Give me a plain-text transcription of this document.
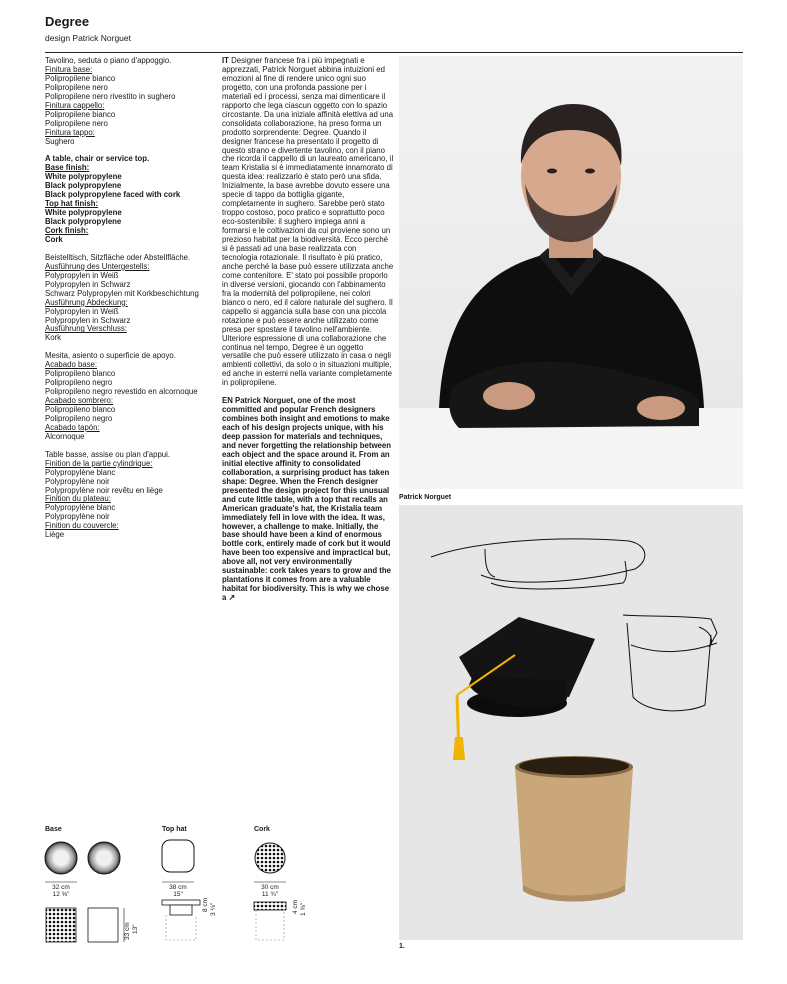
Degree
design Patrick Norguet
Tavolino, seduta o piano d'appoggio.
Finitura base:
Polipropilene bianco
Polipropilene nero
Polipropilene nero rivestito in sughero
Finitura cappello:
Polipropilene bianco
Polipropilene nero
Finitura tappo:
Sughero
A table, chair or service top.
Base finish:
White polypropylene
Black polypropylene
Black polypropylene faced with cork
Top hat finish:
White polypropylene
Black polypropylene
Cork finish:
Cork
Beistelltisch, Sitzfläche oder Abstellfläche.
Ausführung des Untergestells:
Polypropylen in Weiß
Polypropylen in Schwarz
Schwarz Polypropylen mit Korkbeschichtung
Ausführung Abdeckung:
Polypropylen in Weiß
Polypropylen in Schwarz
Ausführung Verschluss:
Kork
Mesita, asiento o superficie de apoyo.
Acabado base:
Polipropileno blanco
Polipropileno negro
Polipropileno negro revestido en alcornoque
Acabado sombrero:
Polipropileno blanco
Polipropileno negro
Acabado tapón:
Alcornoque
Table basse, assise ou plan d'appui.
Finition de la partie cylindrique:
Polypropylène blanc
Polypropylène noir
Polypropylène noir revêtu en liège
Finition du plateau:
Polypropylène blanc
Polypropylène noir
Finition du couvercle:
Liège

IT Designer francese fra i più impegnati e apprezzati, Patrick Norguet abbina intuizioni ed emozioni al fine di rendere unico ogni suo progetto, con una profonda passione per i materiali ed i processi, senza mai dimenticare il rapporto che lega ciascun oggetto con lo spazio circostante. Da una iniziale affinità elettiva ad una consolidata collaborazione, ha preso forma un prodotto sorprendente: Degree. Quando il designer francese ha presentato il progetto di questo strano e divertente tavolino, con il piano che ricorda il cappello di un laureato americano, il team Kristalia si è immediatamente innamorato di questa idea: realizzarlo è stato però una sfida. Inizialmente, la base avrebbe dovuto essere una specie di tappo da bottiglia gigante, completamente in sughero. Sarebbe però stato troppo costoso, poco pratico e soprattutto poco eco-sostenibile: il sughero impiega anni a formarsi e le coltivazioni da cui proviene sono un prezioso habitat per la biodiversità. Ecco perché si è passati ad una base realizzata con tecnologia rotazionale. Il risultato è più pratico, anche perché la base può essere utilizzata anche come contenitore. E' stato poi possibile proporlo in diverse versioni, giocando con l'abbinamento fra la modernità del polipropilene, nei colori bianco o nero, ed il calore naturale del sughero. Il cappello si aggancia sulla base con una piccola rotazione e può essere anche utilizzato come presa per spostare il tavolino nell'ambiente. Ulteriore espressione di una collaborazione che continua nel tempo, Degree è un oggetto versatile che può essere utilizzato in casa o negli ambienti collettivi, da solo o in situazioni multiple, ed anche in esterni nella variante completamente in polipropilene.

EN Patrick Norguet, one of the most committed and popular French designers combines both insight and emotions to make each of his design projects unique, with his deep passion for materials and techniques, and never forgetting the relationship between each object and the space around it. From an initial elective affinity to consolidated collaboration, a surprising product has taken shape: Degree. When the French designer presented the design project for this unusual and cute little table, with a top that recalls an American graduate's hat, the Kristalia team immediately fell in love with the idea. It was, however, a challenge to make. Initially, the base should have been a kind of enormous bottle cork, entirely made of cork but it would have been too expensive and impractical but, above all, not very environmentally sustainable: cork takes years to grow and the plantations it comes from are a valuable habitat for biodiversity. This is why we chose a ↗

Patrick Norguet
1.
Base	Top hat	Cork
32 cm
12 ⅝"
38 cm
15"
30 cm
11 ¾"
33 cm 13"
8 cm 3 ⅛"	4 cm 1 ⅝"
